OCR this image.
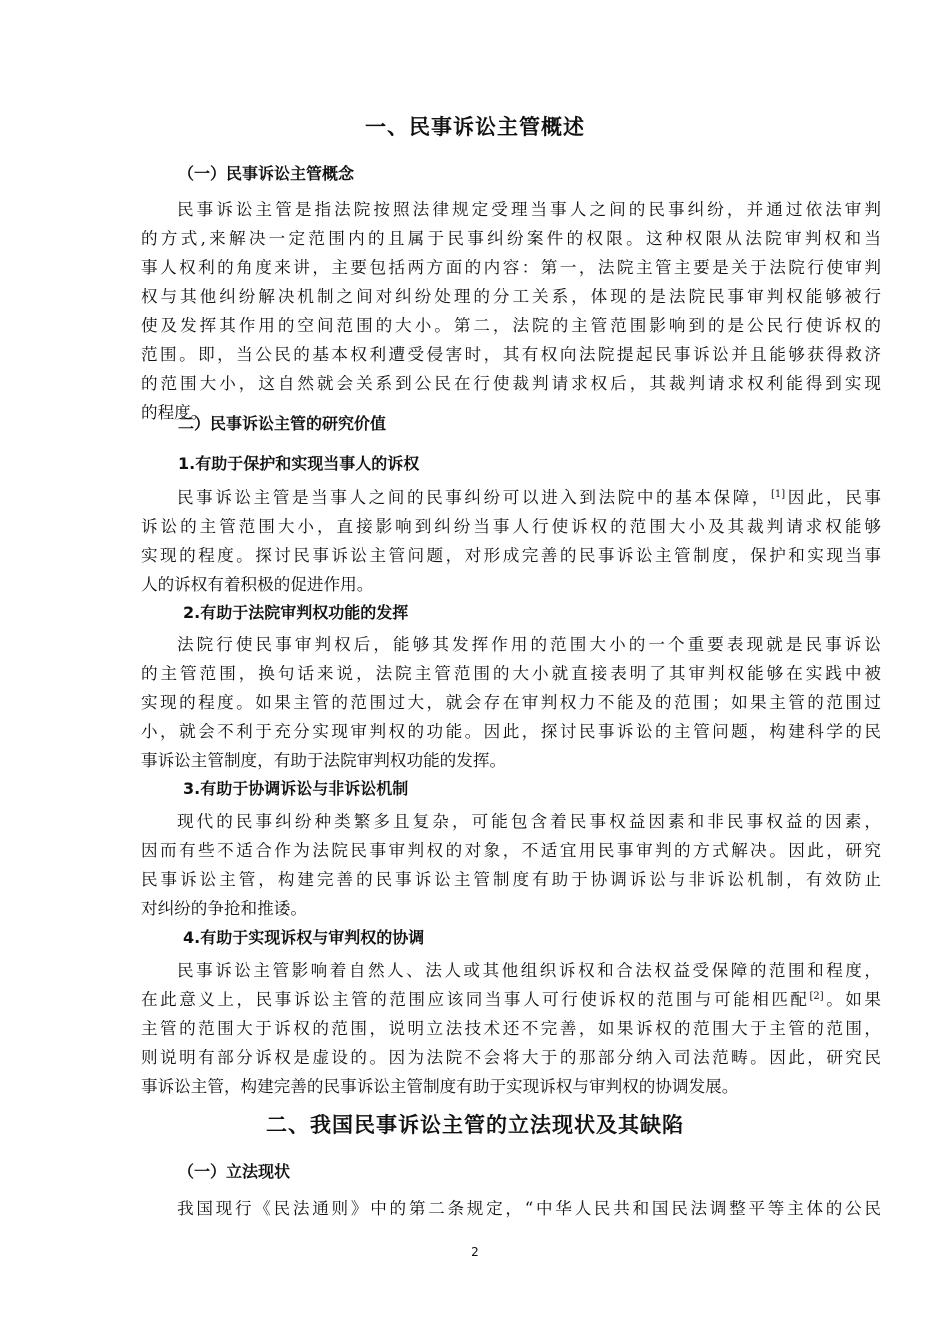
一、民事诉讼主管概述
（一）民事诉讼主管概念
民事诉讼主管是指法院按照法律规定受理当事人之间的民事纠纷，并通过依法审判
的方式,来解决一定范围内的且属于民事纠纷案件的权限。这种权限从法院审判权和当
事人权利的角度来讲，主要包括两方面的内容：第一，法院主管主要是关于法院行使审判
权与其他纠纷解决机制之间对纠纷处理的分工关系，体现的是法院民事审判权能够被行
使及发挥其作用的空间范围的大小。第二，法院的主管范围影响到的是公民行使诉权的
范围。即，当公民的基本权利遭受侵害时，其有权向法院提起民事诉讼并且能够获得救济
的范围大小，这自然就会关系到公民在行使裁判请求权后，其裁判请求权利能得到实现
的程度。
二）民事诉讼主管的研究价值
1.有助于保护和实现当事人的诉权
民事诉讼主管是当事人之间的民事纠纷可以进入到法院中的基本保障，[1]因此，民事
诉讼的主管范围大小，直接影响到纠纷当事人行使诉权的范围大小及其裁判请求权能够
实现的程度。探讨民事诉讼主管问题，对形成完善的民事诉讼主管制度，保护和实现当事
人的诉权有着积极的促进作用。
2.有助于法院审判权功能的发挥
法院行使民事审判权后，能够其发挥作用的范围大小的一个重要表现就是民事诉讼
的主管范围，换句话来说，法院主管范围的大小就直接表明了其审判权能够在实践中被
实现的程度。如果主管的范围过大，就会存在审判权力不能及的范围；如果主管的范围过
小，就会不利于充分实现审判权的功能。因此，探讨民事诉讼的主管问题，构建科学的民
事诉讼主管制度，有助于法院审判权功能的发挥。
3.有助于协调诉讼与非诉讼机制
现代的民事纠纷种类繁多且复杂，可能包含着民事权益因素和非民事权益的因素，
因而有些不适合作为法院民事审判权的对象，不适宜用民事审判的方式解决。因此，研究
民事诉讼主管，构建完善的民事诉讼主管制度有助于协调诉讼与非诉讼机制，有效防止
对纠纷的争抢和推诿。
4.有助于实现诉权与审判权的协调
民事诉讼主管影响着自然人、法人或其他组织诉权和合法权益受保障的范围和程度，
在此意义上，民事诉讼主管的范围应该同当事人可行使诉权的范围与可能相匹配[2]。如果
主管的范围大于诉权的范围，说明立法技术还不完善，如果诉权的范围大于主管的范围，
则说明有部分诉权是虚设的。因为法院不会将大于的那部分纳入司法范畴。因此，研究民
事诉讼主管，构建完善的民事诉讼主管制度有助于实现诉权与审判权的协调发展。
二、我国民事诉讼主管的立法现状及其缺陷
（一）立法现状
我国现行《民法通则》中的第二条规定，“中华人民共和国民法调整平等主体的公民
2
